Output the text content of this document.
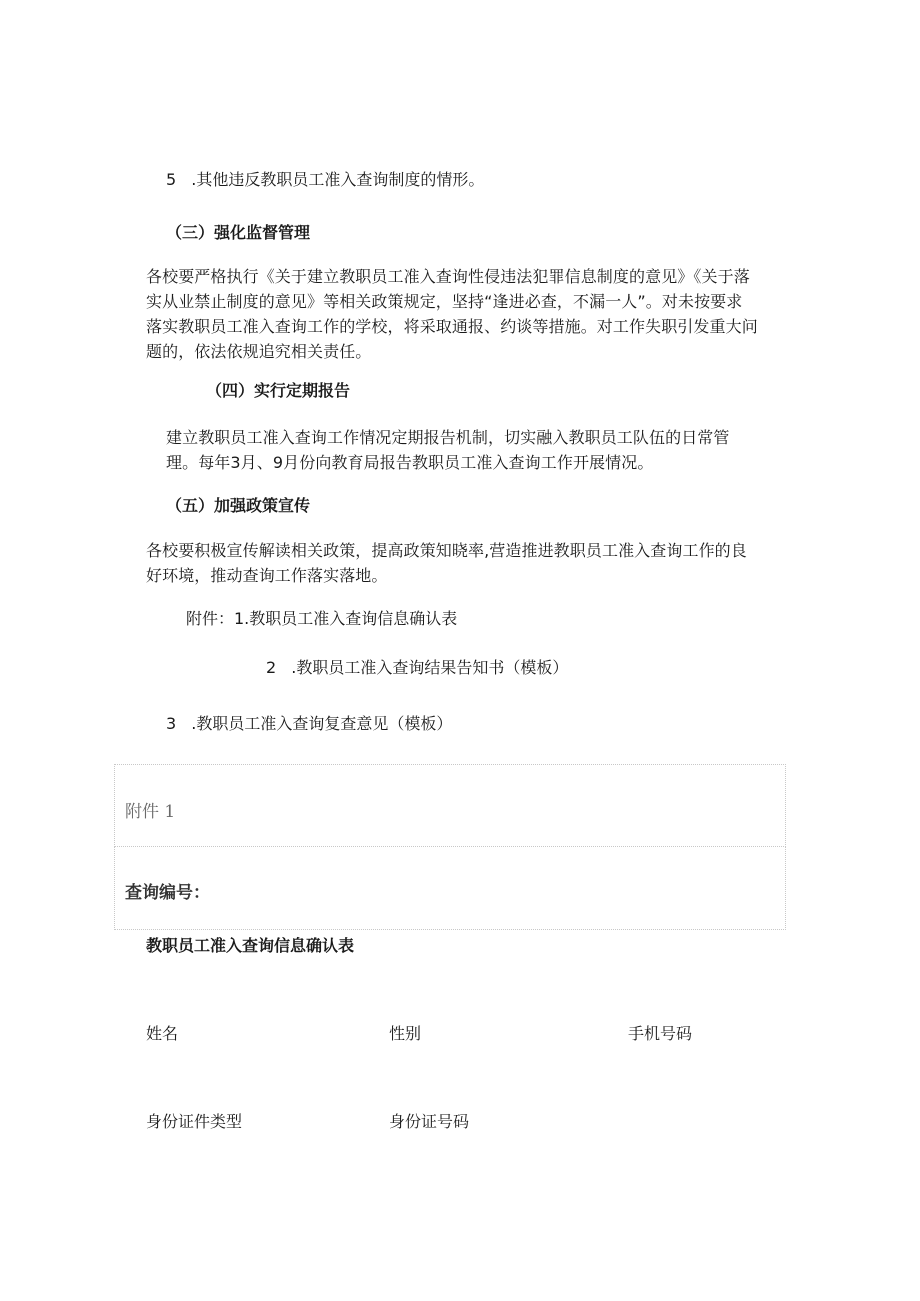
5 .其他违反教职员工准入查询制度的情形。
（三）强化监督管理
各校要严格执行《关于建立教职员工准入查询性侵违法犯罪信息制度的意见》《关于落
实从业禁止制度的意见》等相关政策规定，坚持“逢进必查，不漏一人”。对未按要求
落实教职员工准入查询工作的学校，将采取通报、约谈等措施。对工作失职引发重大问
题的，依法依规追究相关责任。
（四）实行定期报告
建立教职员工准入查询工作情况定期报告机制，切实融入教职员工队伍的日常管
理。每年3月、9月份向教育局报告教职员工准入查询工作开展情况。
（五）加强政策宣传
各校要积极宣传解读相关政策，提高政策知晓率,营造推进教职员工准入查询工作的良
好环境，推动查询工作落实落地。
附件：1.教职员工准入查询信息确认表
2 .教职员工准入查询结果告知书（模板）
3 .教职员工准入查询复查意见（模板）
附件 1
查询编号：
教职员工准入查询信息确认表
姓名	性别	手机号码
身份证件类型	身份证号码
